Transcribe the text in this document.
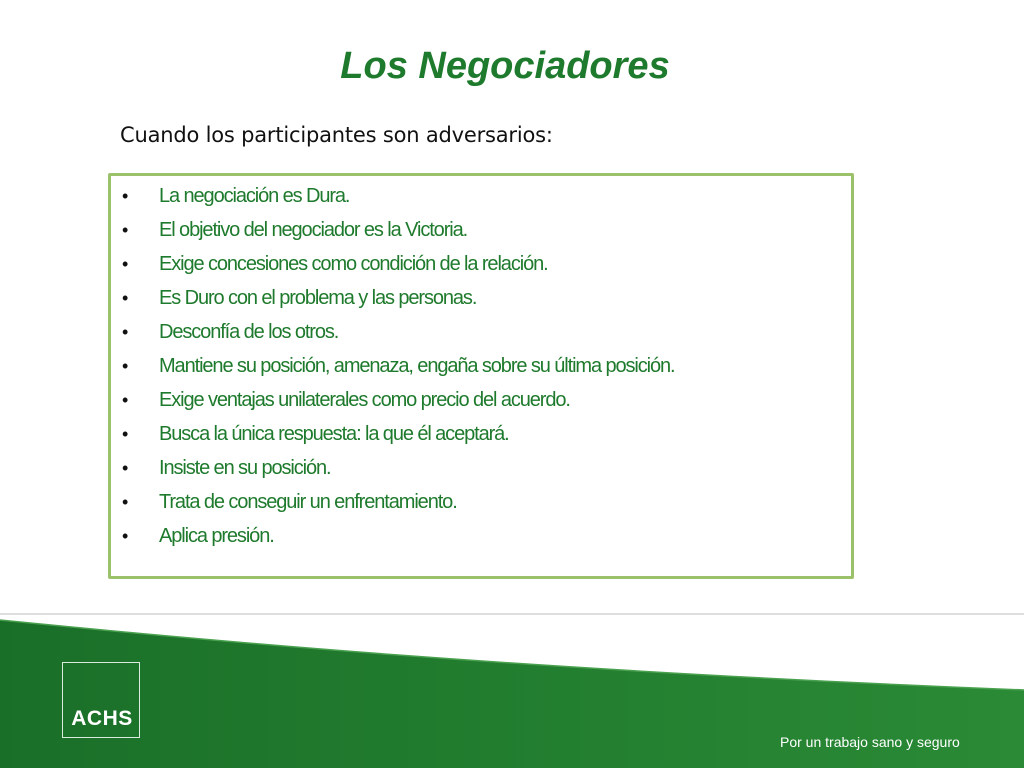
Los Negociadores
Cuando los participantes son adversarios:
• La negociación es Dura.
• El objetivo del negociador es la Victoria.
• Exige concesiones como condición de la relación.
• Es Duro con el problema y las personas.
• Desconfía de los otros.
• Mantiene su posición, amenaza, engaña sobre su última posición.
• Exige ventajas unilaterales como precio del acuerdo.
• Busca la única respuesta: la que él aceptará.
• Insiste en su posición.
• Trata de conseguir un enfrentamiento.
• Aplica presión.
ACHS
Por un trabajo sano y seguro
